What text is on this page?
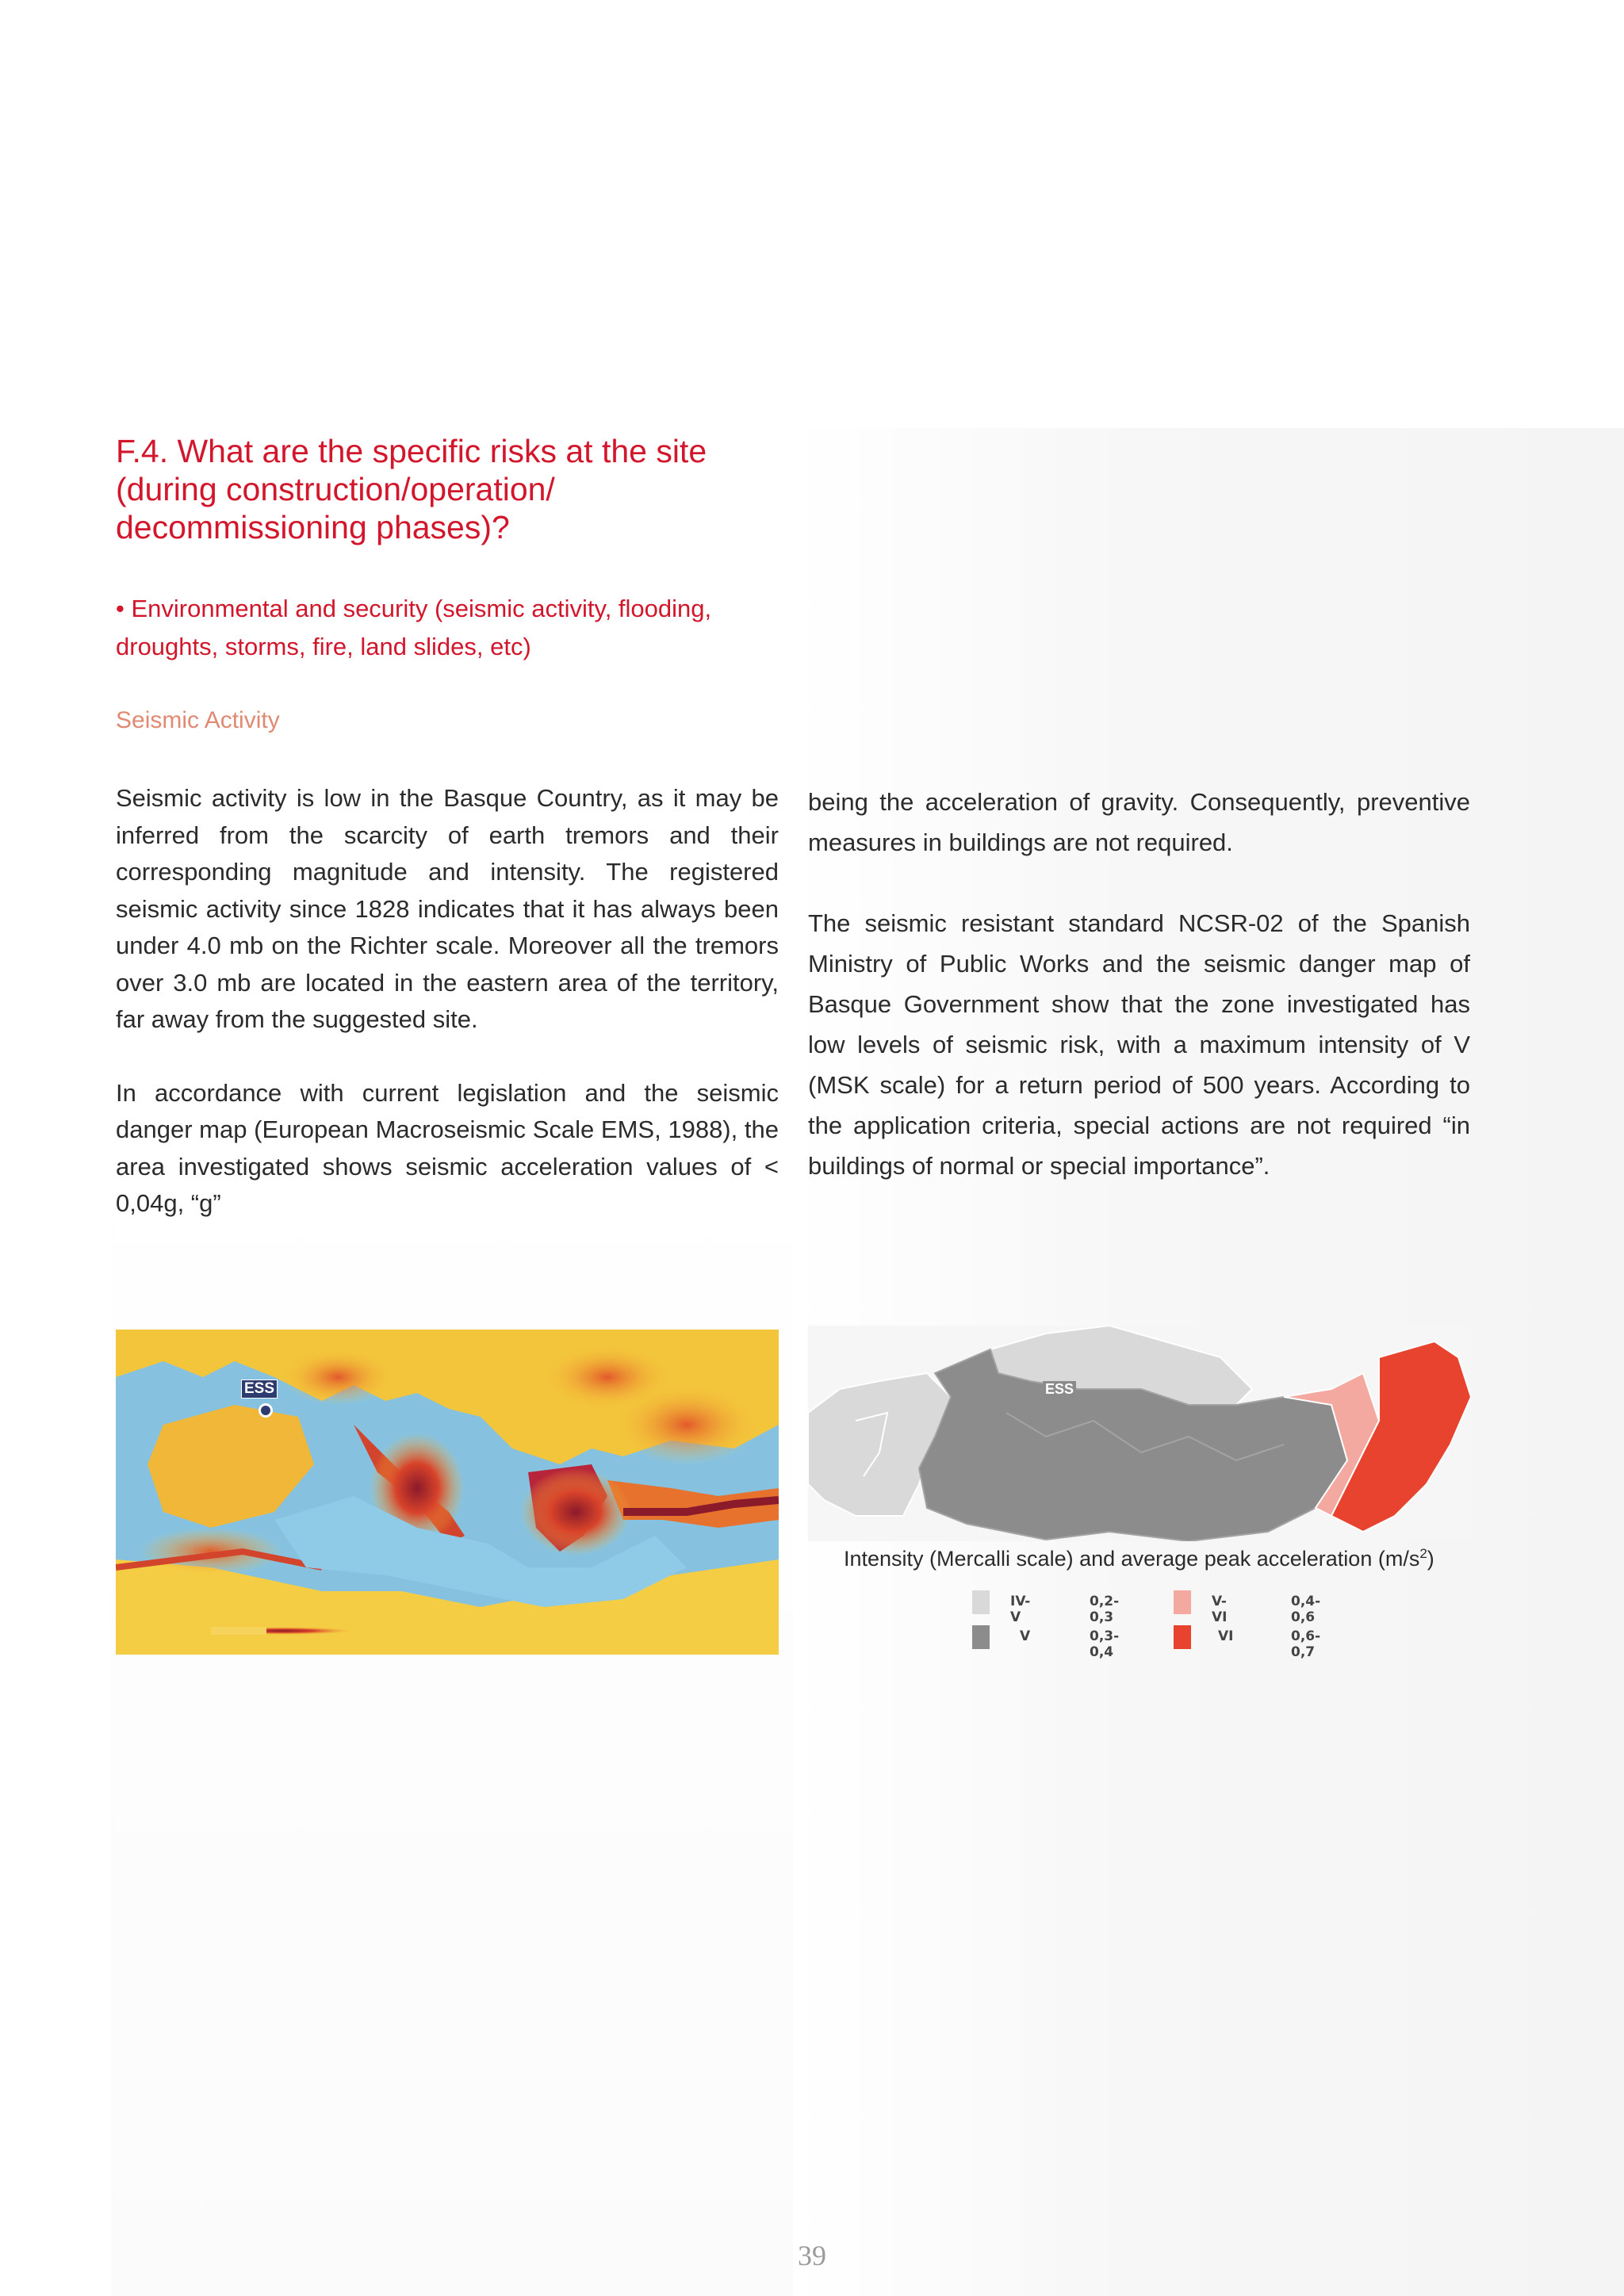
F.4. What are the specific risks at the site (during construction/operation/ decommissioning phases)?
• Environmental and security (seismic activity, flooding, droughts, storms, fire, land slides, etc)
Seismic Activity

Seismic activity is low in the Basque Country, as it may be inferred from the scarcity of earth tremors and their corresponding magnitude and intensity. The registered seismic activity since 1828 indicates that it has always been under 4.0 mb on the Richter scale. Moreover all the tremors over 3.0 mb are located in the eastern area of the territory, far away from the suggested site.

In accordance with current legislation and the seismic danger map (European Macroseismic Scale EMS, 1988), the area investigated shows seismic acceleration values of < 0,04g, “g”

being the acceleration of gravity. Consequently, preventive measures in buildings are not required.

The seismic resistant standard NCSR-02 of the Spanish Ministry of Public Works and the seismic danger map of Basque Government show that the zone investigated has low levels of seismic risk, with a maximum intensity of V (MSK scale) for a return period of 500 years. According to the application criteria, special actions are not required “in buildings of normal or special importance”.

ESS	ESS
Intensity (Mercalli scale) and average peak acceleration $(m/s^2)$
IV-V
0,2-0,3
V	0,3-0,4
V-VI
0,4-0,6
VI	0,6-0,7
39
